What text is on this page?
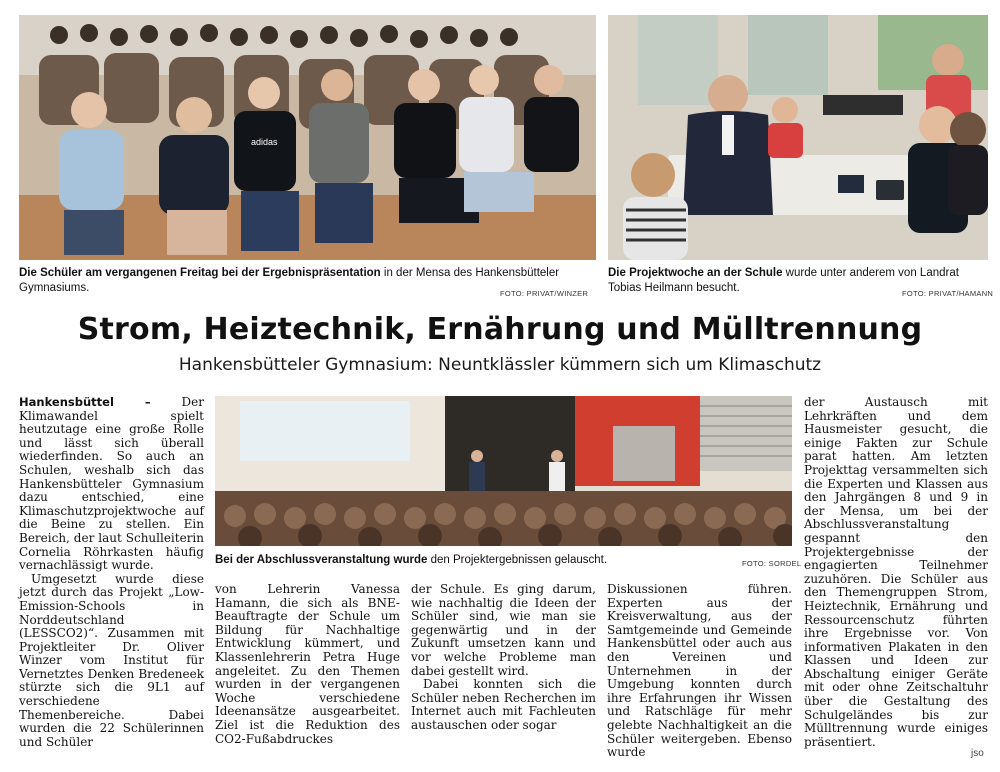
adidas
Die Schüler am vergangenen Freitag bei der Ergebnispräsentation in der Mensa des Hankensbütteler Gymnasiums.	FOTO: PRIVAT/WINZER
Die Projektwoche an der Schule wurde unter anderem von Landrat Tobias Heilmann besucht.	FOTO: PRIVAT/HAMANN
Strom, Heiztechnik, Ernährung und Mülltrennung
Hankensbütteler Gymnasium: Neuntklässler kümmern sich um Klimaschutz
Bei der Abschlussveranstaltung wurde den Projektergebnissen gelauscht.	FOTO: SORDEL

Hankensbüttel – Der Klimawandel spielt heutzutage eine große Rolle und lässt sich überall wiederfinden. So auch an Schulen, weshalb sich das Hankensbütteler Gymnasium dazu entschied, eine Klimaschutzprojektwoche auf die Beine zu stellen. Ein Bereich, der laut Schulleiterin Cornelia Röhrkasten häufig vernachlässigt wurde.

Umgesetzt wurde diese jetzt durch das Projekt „Low-Emission-Schools in Norddeutschland (LESSCO2)“. Zusammen mit Projektleiter Dr. Oliver Winzer vom Institut für Vernetztes Denken Bredeneek stürzte sich die 9L1 auf verschiedene Themenbereiche. Dabei wurden die 22 Schülerinnen und Schüler

von Lehrerin Vanessa Hamann, die sich als BNE-Beauftragte der Schule um Bildung für Nachhaltige Entwicklung kümmert, und Klassenlehrerin Petra Huge angeleitet. Zu den Themen wurden in der vergangenen Woche verschiedene Ideenansätze ausgearbeitet. Ziel ist die Reduktion des CO2-Fußabdruckes

der Schule. Es ging darum, wie nachhaltig die Ideen der Schüler sind, wie man sie gegenwärtig und in der Zukunft umsetzen kann und vor welche Probleme man dabei gestellt wird.

Dabei konnten sich die Schüler neben Recherchen im Internet auch mit Fachleuten austauschen oder sogar

Diskussionen führen. Experten aus der Kreisverwaltung, aus der Samtgemeinde und Gemeinde Hankensbüttel oder auch aus den Vereinen und Unternehmen in der Umgebung konnten durch ihre Erfahrungen ihr Wissen und Ratschläge für mehr gelebte Nachhaltigkeit an die Schüler weitergeben. Ebenso wurde

der Austausch mit Lehrkräften und dem Hausmeister gesucht, die einige Fakten zur Schule parat hatten. Am letzten Projekttag versammelten sich die Experten und Klassen aus den Jahrgängen 8 und 9 in der Mensa, um bei der Abschlussveranstaltung gespannt den Projektergebnisse der engagierten Teilnehmer zuzuhören. Die Schüler aus den Themengruppen Strom, Heiztechnik, Ernährung und Ressourcenschutz führten ihre Ergebnisse vor. Von informativen Plakaten in den Klassen und Ideen zur Abschaltung einiger Geräte mit oder ohne Zeitschaltuhr über die Gestaltung des Schulgeländes bis zur Mülltrennung wurde einiges präsentiert.

jso
